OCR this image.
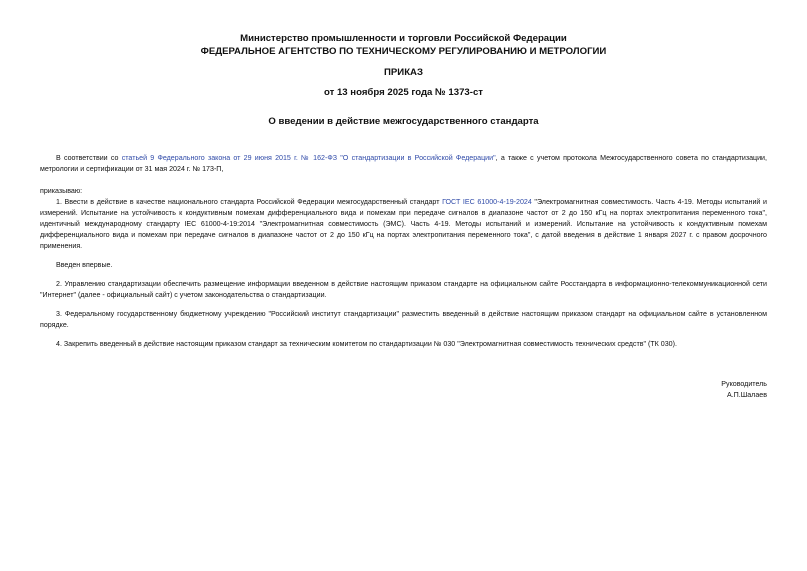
Министерство промышленности и торговли Российской Федерации
ФЕДЕРАЛЬНОЕ АГЕНТСТВО ПО ТЕХНИЧЕСКОМУ РЕГУЛИРОВАНИЮ И МЕТРОЛОГИИ
ПРИКАЗ
от 13 ноября 2025 года № 1373-ст
О введении в действие межгосударственного стандарта

В соответствии со статьей 9 Федерального закона от 29 июня 2015 г. № 162-ФЗ "О стандартизации в Российской Федерации", а также с учетом протокола Межгосударственного совета по стандартизации, метрологии и сертификации от 31 мая 2024 г. № 173-П,

приказываю:

1. Ввести в действие в качестве национального стандарта Российской Федерации межгосударственный стандарт ГОСТ IEC 61000-4-19-2024 "Электромагнитная совместимость. Часть 4-19. Методы испытаний и измерений. Испытание на устойчивость к кондуктивным помехам дифференциального вида и помехам при передаче сигналов в диапазоне частот от 2 до 150 кГц на портах электропитания переменного тока", идентичный международному стандарту IEC 61000-4-19:2014 "Электромагнитная совместимость (ЭМС). Часть 4-19. Методы испытаний и измерений. Испытание на устойчивость к кондуктивным помехам дифференциального вида и помехам при передаче сигналов в диапазоне частот от 2 до 150 кГц на портах электропитания переменного тока", с датой введения в действие 1 января 2027 г. с правом досрочного применения.

Введен впервые.

2. Управлению стандартизации обеспечить размещение информации введенном в действие настоящим приказом стандарте на официальном сайте Росстандарта в информационно-телекоммуникационной сети "Интернет" (далее - официальный сайт) с учетом законодательства о стандартизации.

3. Федеральному государственному бюджетному учреждению "Российский институт стандартизации" разместить введенный в действие настоящим приказом стандарт на официальном сайте в установленном порядке.

4. Закрепить введенный в действие настоящим приказом стандарт за техническим комитетом по стандартизации № 030 "Электромагнитная совместимость технических средств" (ТК 030).

Руководитель
А.П.Шалаев
